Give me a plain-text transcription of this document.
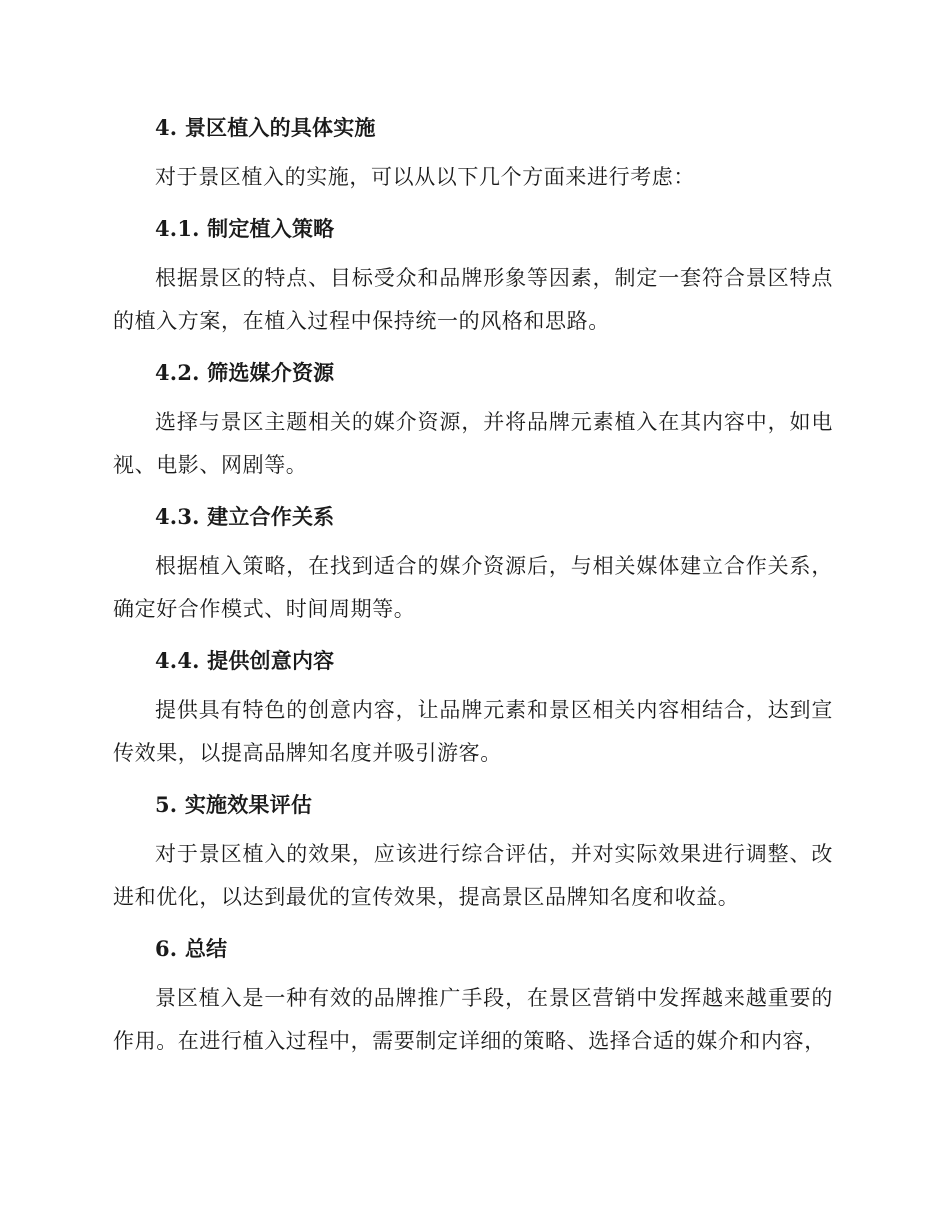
4. 景区植入的具体实施

对于景区植入的实施，可以从以下几个方面来进行考虑：

4.1. 制定植入策略

根据景区的特点、目标受众和品牌形象等因素，制定一套符合景区特点的植入方案，在植入过程中保持统一的风格和思路。

4.2. 筛选媒介资源

选择与景区主题相关的媒介资源，并将品牌元素植入在其内容中，如电视、电影、网剧等。

4.3. 建立合作关系

根据植入策略，在找到适合的媒介资源后，与相关媒体建立合作关系，确定好合作模式、时间周期等。

4.4. 提供创意内容

提供具有特色的创意内容，让品牌元素和景区相关内容相结合，达到宣传效果，以提高品牌知名度并吸引游客。

5. 实施效果评估

对于景区植入的效果，应该进行综合评估，并对实际效果进行调整、改进和优化，以达到最优的宣传效果，提高景区品牌知名度和收益。

6. 总结

景区植入是一种有效的品牌推广手段，在景区营销中发挥越来越重要的作用。在进行植入过程中，需要制定详细的策略、选择合适的媒介和内容，
